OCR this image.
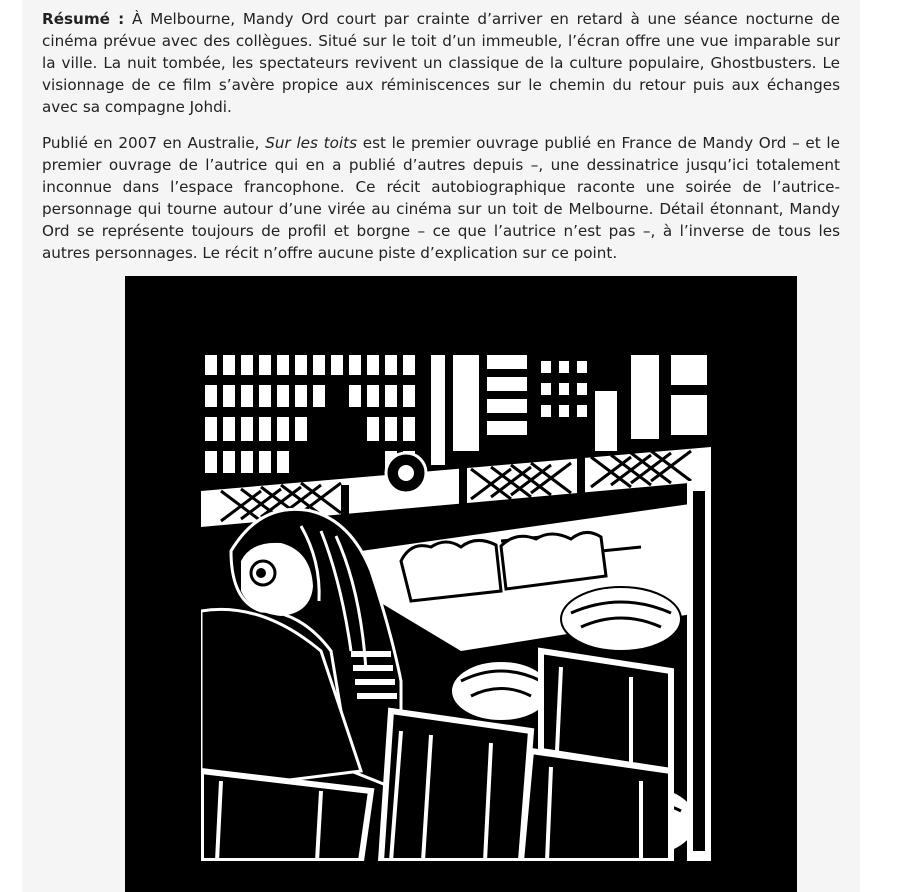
Résumé : À Melbourne, Mandy Ord court par crainte d’arriver en retard à une séance nocturne de cinéma prévue avec des collègues. Situé sur le toit d’un immeuble, l’écran offre une vue imparable sur la ville. La nuit tombée, les spectateurs revivent un classique de la culture populaire, Ghostbusters. Le visionnage de ce film s’avère propice aux réminiscences sur le chemin du retour puis aux échanges avec sa compagne Johdi.

Publié en 2007 en Australie, Sur les toits est le premier ouvrage publié en France de Mandy Ord – et le premier ouvrage de l’autrice qui en a publié d’autres depuis –, une dessinatrice jusqu’ici totalement inconnue dans l’espace francophone. Ce récit autobiographique raconte une soirée de l’autrice-personnage qui tourne autour d’une virée au cinéma sur un toit de Melbourne. Détail étonnant, Mandy Ord se représente toujours de profil et borgne – ce que l’autrice n’est pas –, à l’inverse de tous les autres personnages. Le récit n’offre aucune piste d’explication sur ce point.
